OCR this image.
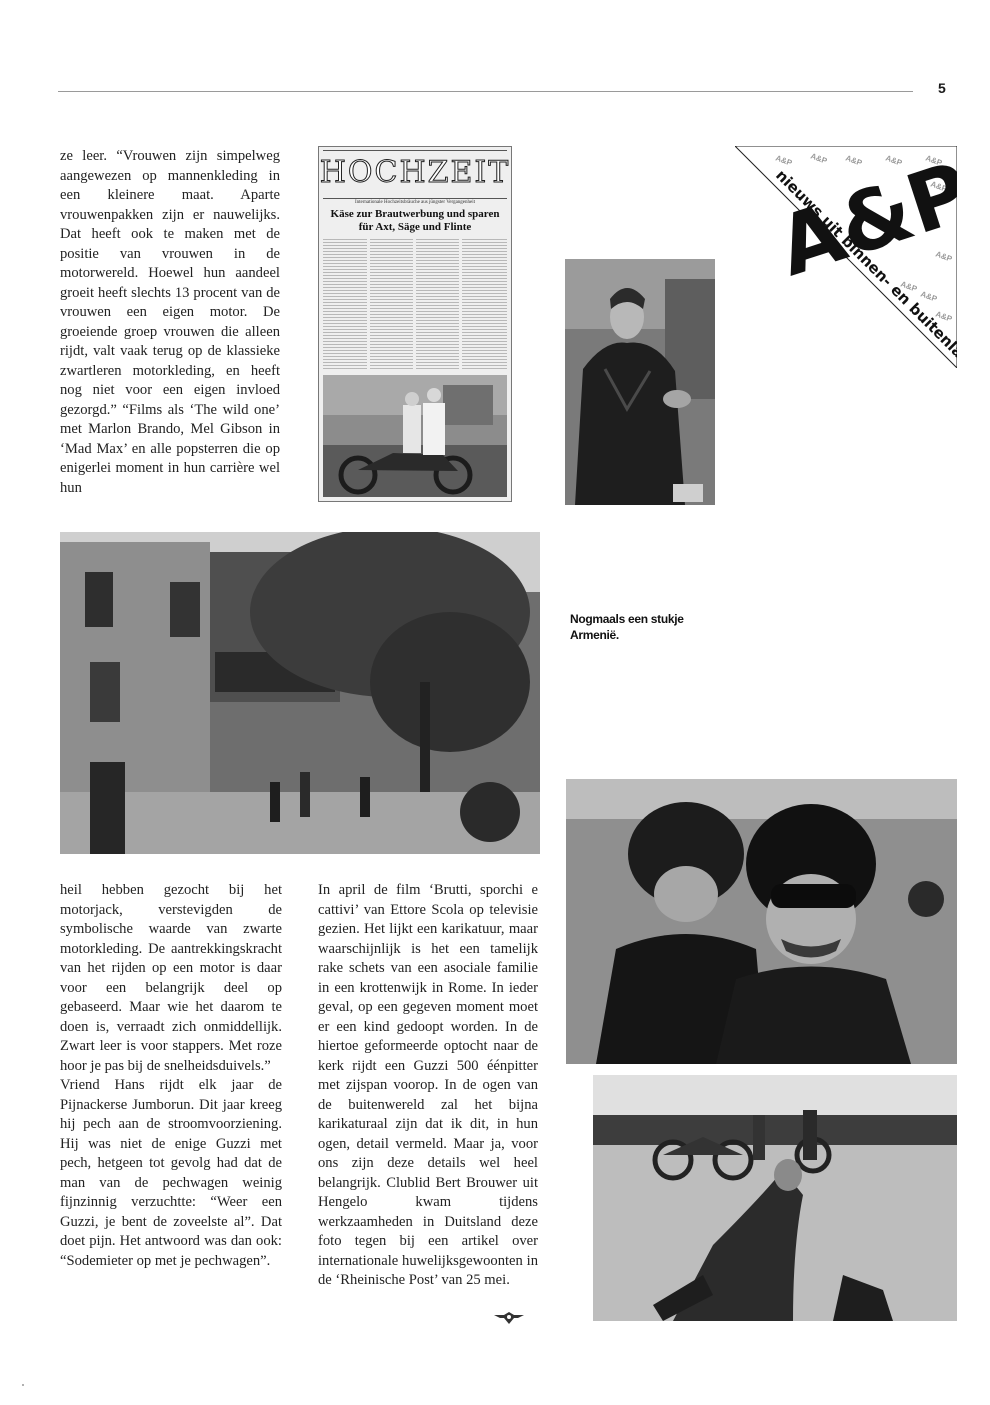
5

ze leer. “Vrouwen zijn simpelweg aangewezen op mannenkleding in een kleinere maat. Aparte vrouwenpakken zijn er nauwelijks. Dat heeft ook te maken met de positie van vrouwen in de motorwereld. Hoewel hun aandeel groeit heeft slechts 13 procent van de vrouwen een eigen motor. De groeiende groep vrouwen die alleen rijdt, valt vaak terug op de klassieke zwartleren motorkleding, en heeft nog niet voor een eigen invloed gezorgd.” “Films als ‘The wild one’ met Marlon Brando, Mel Gibson in ‘Mad Max’ en alle popsterren die op enigerlei moment in hun carrière wel hun

HOCHZEIT
Internationale Hochzeitsbräuche aus jüngster Vergangenheit
Käse zur Brautwerbung und sparen für Axt, Säge und Flinte
A&P A&P A&P	A&P	A&P
A&P
A&P
A&P
A&P
A&P
A&P
nieuws uit binnen- en buitenland
Nogmaals een stukje Armenië.

heil hebben gezocht bij het motorjack, verstevigden de symbolische waarde van zwarte motorkleding. De aantrekkingskracht van het rijden op een motor is daar voor een belangrijk deel op gebaseerd. Maar wie het daarom te doen is, verraadt zich onmiddellijk. Zwart leer is voor stappers. Met roze hoor je pas bij de snelheidsduivels.”

Vriend Hans rijdt elk jaar de Pijnackerse Jumborun. Dit jaar kreeg hij pech aan de stroomvoorziening. Hij was niet de enige Guzzi met pech, hetgeen tot gevolg had dat de man van de pechwagen weinig fijnzinnig verzuchtte: “Weer een Guzzi, je bent de zoveelste al”. Dat doet pijn. Het antwoord was dan ook: “Sodemieter op met je pechwagen”.

In april de film ‘Brutti, sporchi e cattivi’ van Ettore Scola op televisie gezien. Het lijkt een karikatuur, maar waarschijnlijk is het een tamelijk rake schets van een asociale familie in een krottenwijk in Rome. In ieder geval, op een gegeven moment moet er een kind gedoopt worden. In de hiertoe geformeerde optocht naar de kerk rijdt een Guzzi 500 éénpitter met zijspan voorop. In de ogen van de buitenwereld zal het bijna karikaturaal zijn dat ik dit, in hun ogen, detail vermeld. Maar ja, voor ons zijn deze details wel heel belangrijk. Clublid Bert Brouwer uit Hengelo kwam tijdens werkzaamheden in Duitsland deze foto tegen bij een artikel over internationale huwelijksgewoonten in de ‘Rheinische Post’ van 25 mei.
